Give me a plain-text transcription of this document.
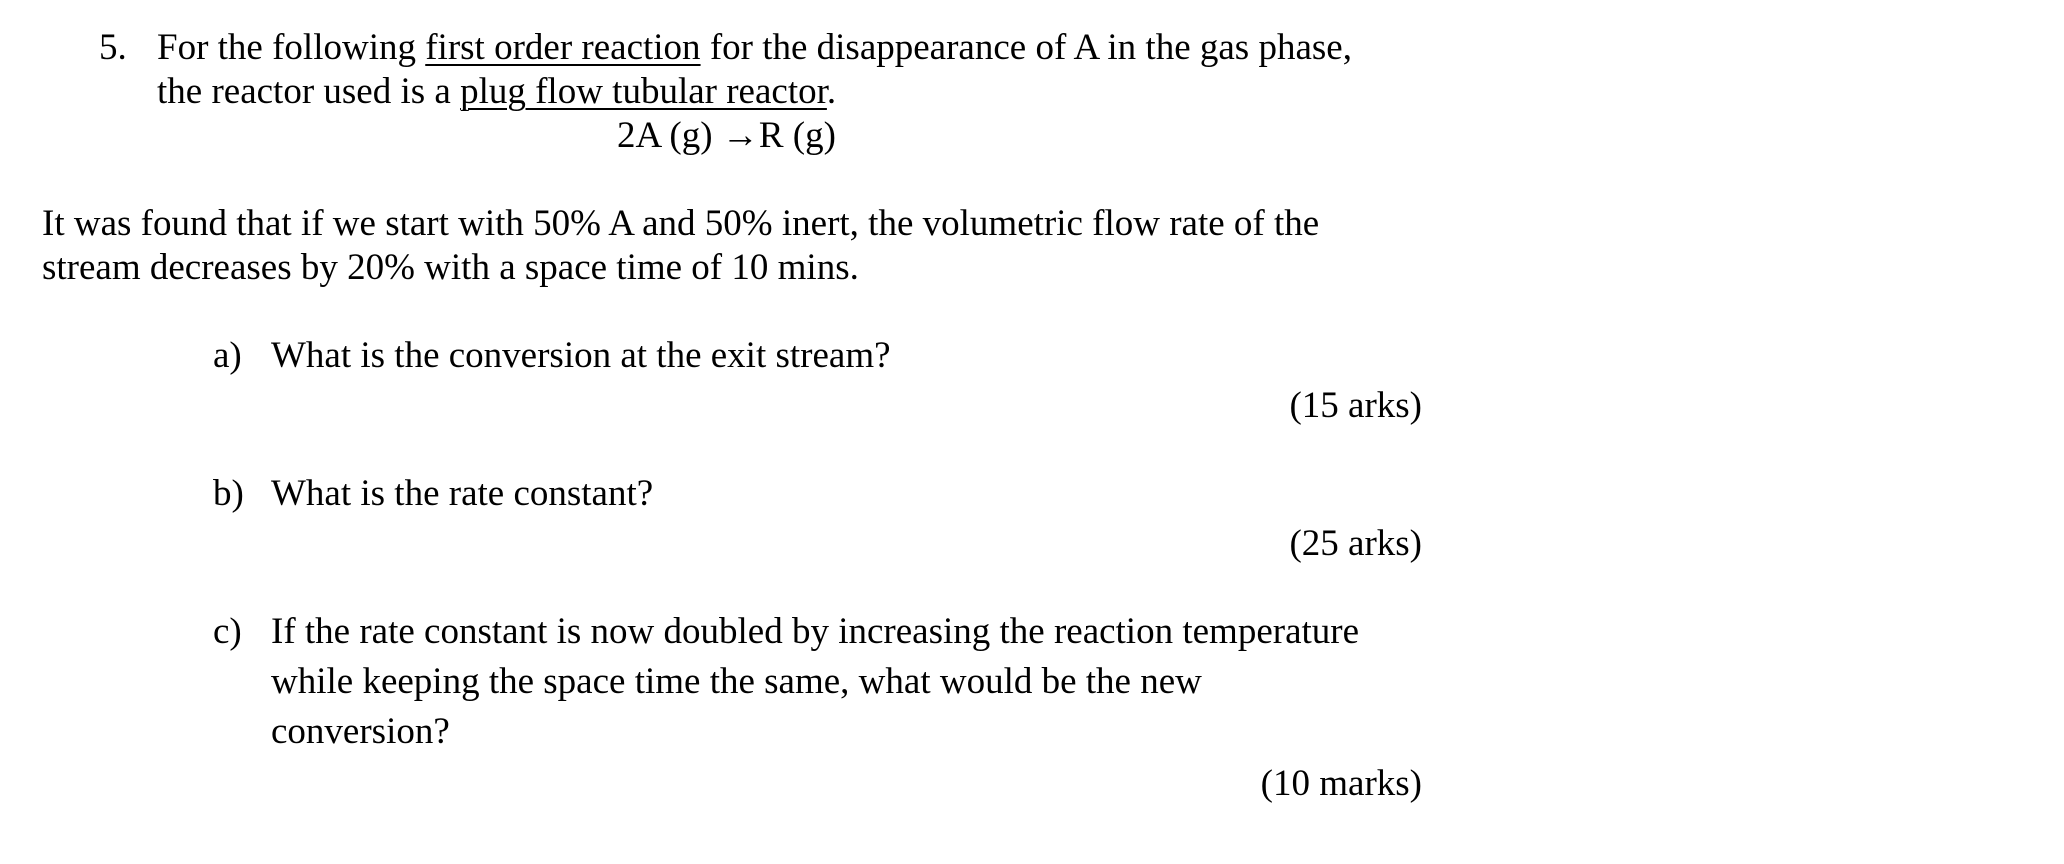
5. For the following first order reaction for the disappearance of A in the gas phase,
the reactor used is a plug flow tubular reactor.
2A (g) →R (g)
It was found that if we start with 50% A and 50% inert, the volumetric flow rate of the
stream decreases by 20% with a space time of 10 mins.
a) What is the conversion at the exit stream?
(15 arks)
b) What is the rate constant?
(25 arks)
c) If the rate constant is now doubled by increasing the reaction temperature
while keeping the space time the same, what would be the new
conversion?
(10 marks)
